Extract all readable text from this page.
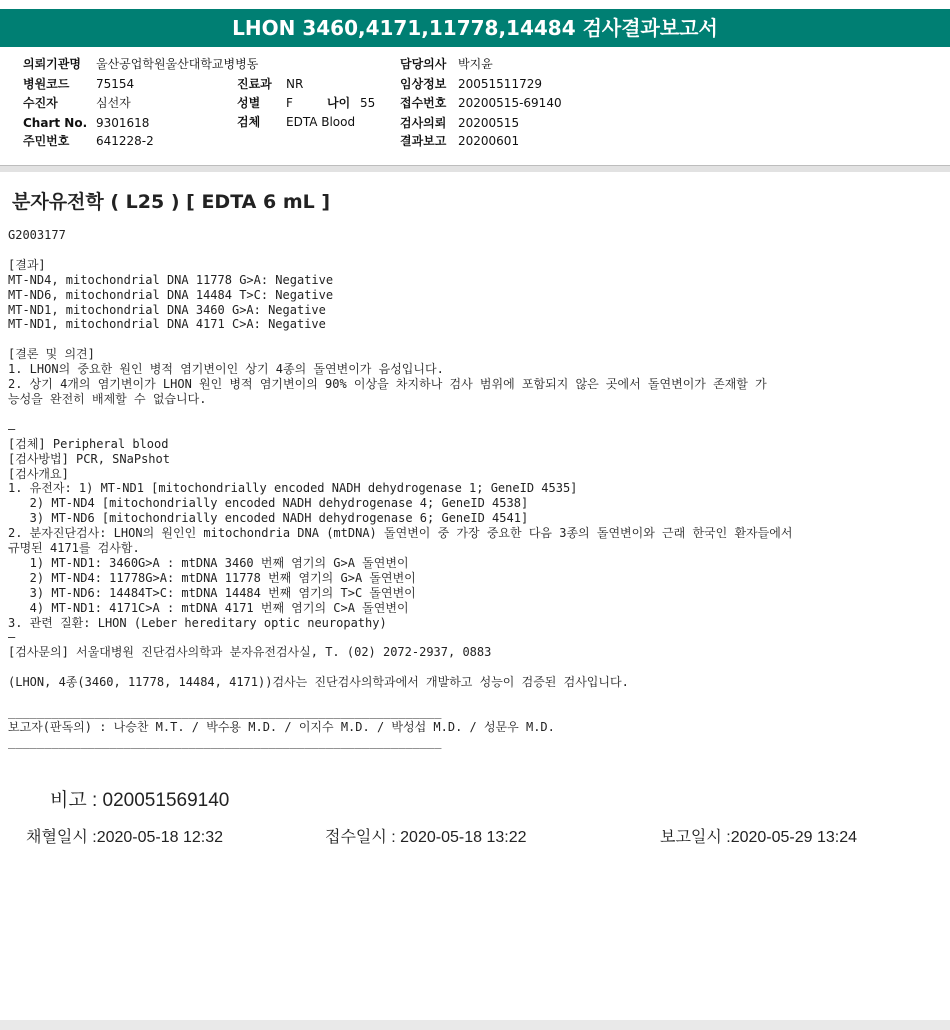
LHON 3460,4171,11778,14484 검사결과보고서
의뢰기관명 울산공업학원울산대학교병병동	담당의사 박지윤
병원코드 75154	진료과 NR	임상정보 20051511729
수진자	심선자	성별 F	나이 55 접수번호 20200515-69140
Chart No. 9301618	검체 EDTA Blood	검사의뢰 20200515
주민번호 641228-2	결과보고 20200601
분자유전학 ( L25 ) [ EDTA 6 mL ]
G2003177

[결과]
MT-ND4, mitochondrial DNA 11778 G>A: Negative
MT-ND6, mitochondrial DNA 14484 T>C: Negative
MT-ND1, mitochondrial DNA 3460 G>A: Negative
MT-ND1, mitochondrial DNA 4171 C>A: Negative

[결론 및 의견]
1. LHON의 중요한 원인 병적 염기변이인 상기 4종의 돌연변이가 음성입니다.
2. 상기 4개의 염기변이가 LHON 원인 병적 염기변이의 90% 이상을 차지하나 검사 범위에 포함되지 않은 곳에서 돌연변이가 존재할 가
능성을 완전히 배제할 수 없습니다.

—
[검체] Peripheral blood
[검사방법] PCR, SNaPshot
[검사개요]
1. 유전자: 1) MT-ND1 [mitochondrially encoded NADH dehydrogenase 1; GeneID 4535]
2) MT-ND4 [mitochondrially encoded NADH dehydrogenase 4; GeneID 4538]
3) MT-ND6 [mitochondrially encoded NADH dehydrogenase 6; GeneID 4541]
2. 분자진단검사: LHON의 원인인 mitochondria DNA (mtDNA) 돌연변이 중 가장 중요한 다음 3종의 돌연변이와 근래 한국인 환자들에서
규명된 4171를 검사함.
1) MT-ND1: 3460G>A : mtDNA 3460 번째 염기의 G>A 돌연변이
2) MT-ND4: 11778G>A: mtDNA 11778 번째 염기의 G>A 돌연변이
3) MT-ND6: 14484T>C: mtDNA 14484 번째 염기의 T>C 돌연변이
4) MT-ND1: 4171C>A : mtDNA 4171 번째 염기의 C>A 돌연변이
3. 관련 질환: LHON (Leber hereditary optic neuropathy)
—
[검사문의] 서울대병원 진단검사의학과 분자유전검사실, T. (02) 2072-2937, 0883

(LHON, 4종(3460, 11778, 14484, 4171))검사는 진단검사의학과에서 개발하고 성능이 검증된 검사입니다.

____________________________________________________________
보고자(판독의) : 나승찬 M.T. / 박수용 M.D. / 이지수 M.D. / 박성섭 M.D. / 성문우 M.D.
____________________________________________________________
비고 : 020051569140
채혈일시 :2020-05-18 12:32	접수일시 : 2020-05-18 13:22	보고일시 :2020-05-29 13:24
